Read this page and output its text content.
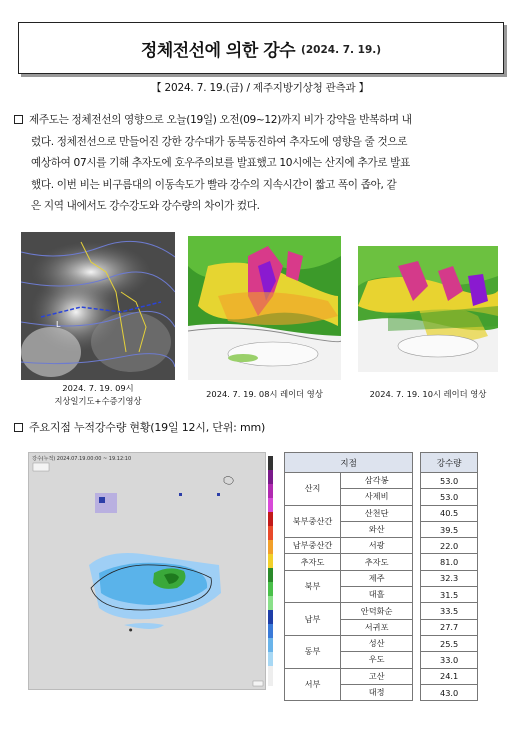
정체전선에 의한 강수 (2024. 7. 19.)
【 2024. 7. 19.(금) / 제주지방기상청 관측과 】
제주도는 정체전선의 영향으로 오늘(19일) 오전(09~12)까지 비가 강약을 반복하며 내
렸다. 정체전선으로 만들어진 강한 강수대가 동북동진하여 추자도에 영향을 줄 것으로
예상하여 07시를 기해 추자도에 호우주의보를 발표했고 10시에는 산지에 추가로 발표
했다. 이번 비는 비구름대의 이동속도가 빨라 강수의 지속시간이 짧고 폭이 좁아, 같
은 지역 내에서도 강수강도와 강수량의 차이가 컸다.
L
2024. 7. 19. 09시
지상일기도+수증기영상
2024. 7. 19. 08시 레이더 영상	2024. 7. 19. 10시 레이더 영상
주요지점 누적강수량 현황(19일 12시, 단위: mm)
강수(누적) 2024.07.19.00:00 ~ 19.12:10
●
지점			강수량
산지	삼각봉		53.0
	사제비		53.0
북부중산간	산천단		40.5
	와산		39.5
남부중산간	서광		22.0
추자도	추자도		81.0
북부	제주		32.3
	대흘		31.5
남부	안덕화순		33.5
	서귀포		27.7
동부	성산		25.5
	우도		33.0
서부	고산		24.1
	대정		43.0
